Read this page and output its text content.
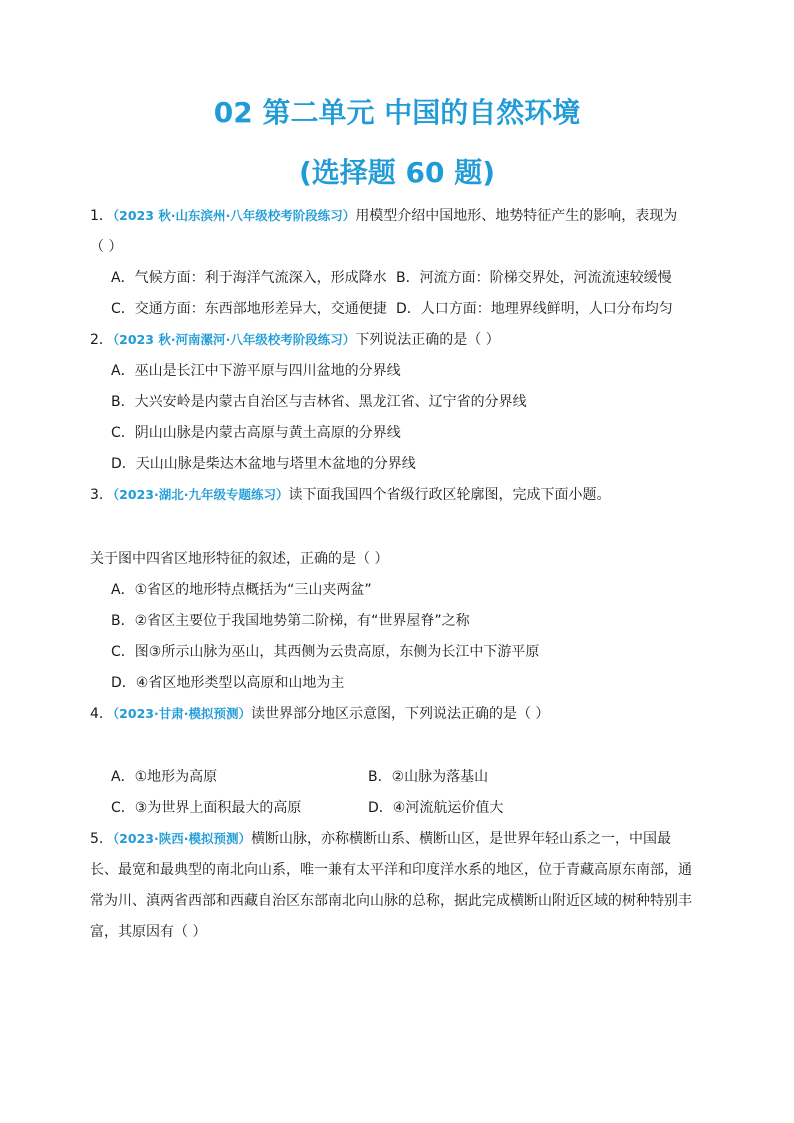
02 第二单元 中国的自然环境
(选择题 60 题)
1．（2023 秋·山东滨州·八年级校考阶段练习）用模型介绍中国地形、地势特征产生的影响，表现为
（ ）
A．气候方面：利于海洋气流深入，形成降水 B．河流方面：阶梯交界处，河流流速较缓慢
C．交通方面：东西部地形差异大，交通便捷 D．人口方面：地理界线鲜明，人口分布均匀
2．（2023 秋·河南漯河·八年级校考阶段练习）下列说法正确的是（ ）
A．巫山是长江中下游平原与四川盆地的分界线
B．大兴安岭是内蒙古自治区与吉林省、黑龙江省、辽宁省的分界线
C．阴山山脉是内蒙古高原与黄土高原的分界线
D．天山山脉是柴达木盆地与塔里木盆地的分界线
3．（2023·湖北·九年级专题练习）读下面我国四个省级行政区轮廓图，完成下面小题。
关于图中四省区地形特征的叙述，正确的是（ ）
A．①省区的地形特点概括为“三山夹两盆”
B．②省区主要位于我国地势第二阶梯，有“世界屋脊”之称
C．图③所示山脉为巫山，其西侧为云贵高原，东侧为长江中下游平原
D．④省区地形类型以高原和山地为主
4．（2023·甘肃·模拟预测）读世界部分地区示意图，下列说法正确的是（ ）
A．①地形为高原	B．②山脉为落基山
C．③为世界上面积最大的高原	D．④河流航运价值大
5．（2023·陕西·模拟预测）横断山脉，亦称横断山系、横断山区，是世界年轻山系之一，中国最
长、最宽和最典型的南北向山系，唯一兼有太平洋和印度洋水系的地区，位于青藏高原东南部，通
常为川、滇两省西部和西藏自治区东部南北向山脉的总称，据此完成横断山附近区域的树种特别丰
富，其原因有（ ）
